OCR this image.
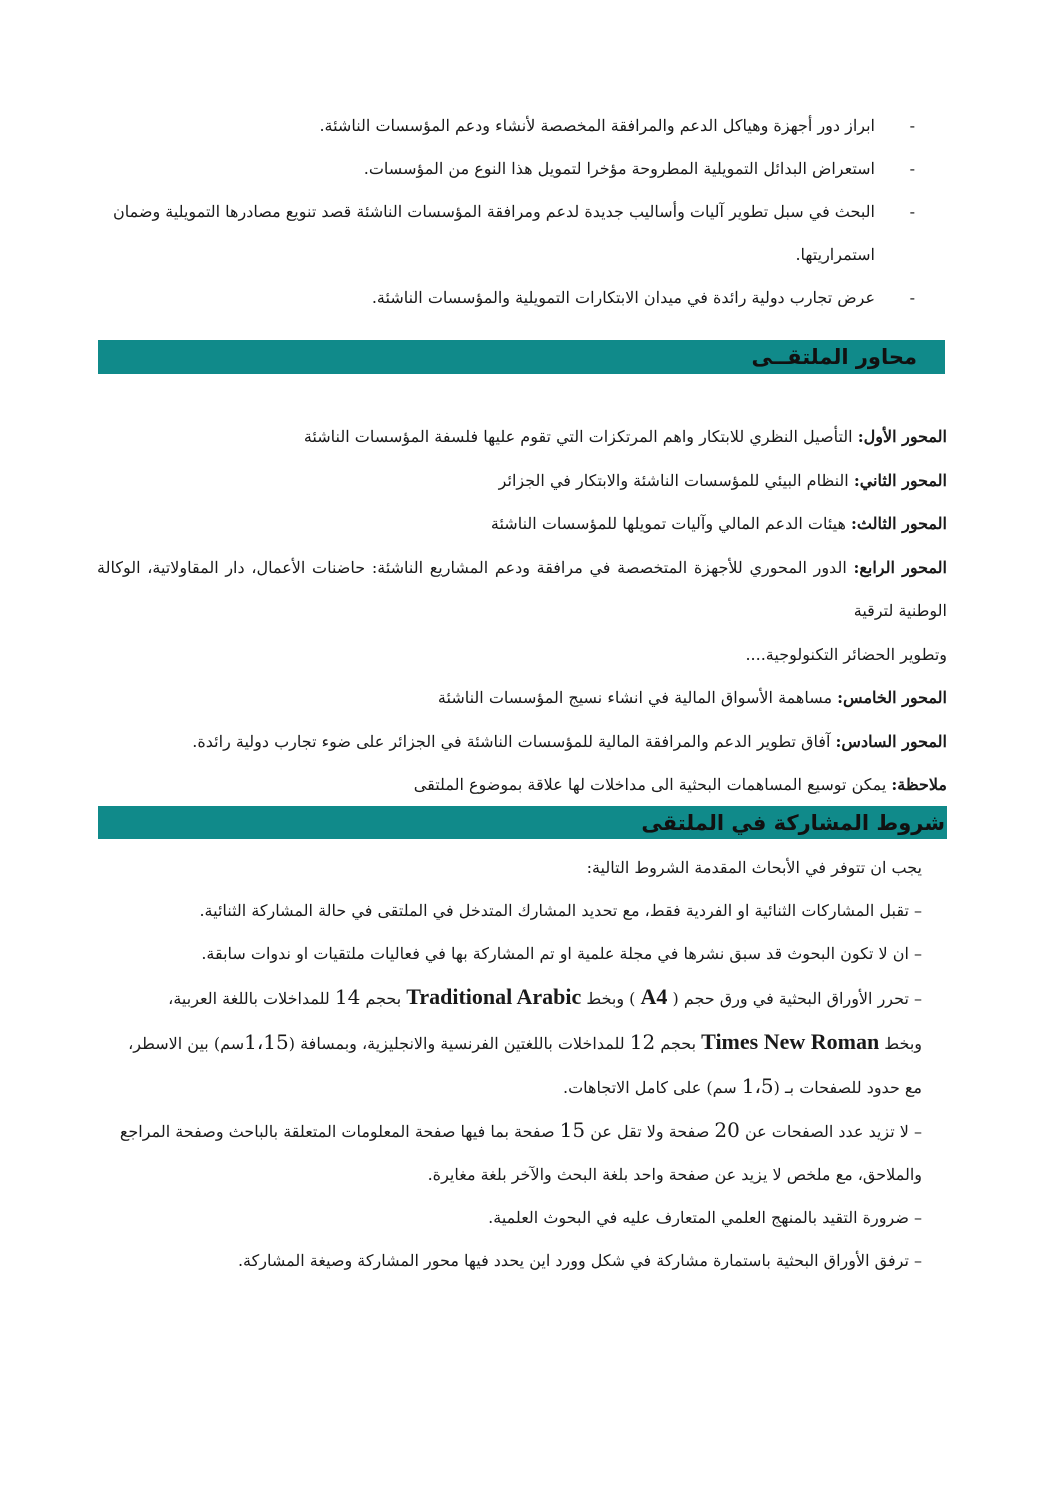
-
ابراز دور أجهزة وهياكل الدعم والمرافقة المخصصة لأنشاء ودعم المؤسسات الناشئة.
-
استعراض البدائل التمويلية المطروحة مؤخرا لتمويل هذا النوع من المؤسسات.
-
البحث في سبل تطوير آليات وأساليب جديدة لدعم ومرافقة المؤسسات الناشئة قصد تنويع مصادرها التمويلية وضمان
استمراريتها.
-
عرض تجارب دولية رائدة في ميدان الابتكارات التمويلية والمؤسسات الناشئة.
محاور الملتقــى
المحور الأول: التأصيل النظري للابتكار واهم المرتكزات التي تقوم عليها فلسفة المؤسسات الناشئة
المحور الثاني: النظام البيئي للمؤسسات الناشئة والابتكار في الجزائر
المحور الثالث: هيئات الدعم المالي وآليات تمويلها للمؤسسات الناشئة
المحور الرابع: الدور المحوري للأجهزة المتخصصة في مرافقة ودعم المشاريع الناشئة: حاضنات الأعمال، دار المقاولاتية، الوكالة الوطنية لترقية
وتطوير الحضائر التكنولوجية....
المحور الخامس: مساهمة الأسواق المالية في انشاء نسيج المؤسسات الناشئة
المحور السادس: آفاق تطوير الدعم والمرافقة المالية للمؤسسات الناشئة في الجزائر على ضوء تجارب دولية رائدة.
ملاحظة: يمكن توسيع المساهمات البحثية الى مداخلات لها علاقة بموضوع الملتقى
شروط المشاركة في الملتقى
يجب ان تتوفر في الأبحاث المقدمة الشروط التالية:
– تقبل المشاركات الثنائية او الفردية فقط، مع تحديد المشارك المتدخل في الملتقى في حالة المشاركة الثنائية.
– ان لا تكون البحوث قد سبق نشرها في مجلة علمية او تم المشاركة بها في فعاليات ملتقيات او ندوات سابقة.
– تحرر الأوراق البحثية في ورق حجم ( A4 ) وبخط Traditional Arabic بحجم 14 للمداخلات باللغة العربية،
وبخط Times New Roman بحجم 12 للمداخلات باللغتين الفرنسية والانجليزية، وبمسافة (1،15سم) بين الاسطر،
مع حدود للصفحات بـ (1،5 سم) على كامل الاتجاهات.
– لا تزيد عدد الصفحات عن 20 صفحة ولا تقل عن 15 صفحة بما فيها صفحة المعلومات المتعلقة بالباحث وصفحة المراجع
والملاحق، مع ملخص لا يزيد عن صفحة واحد بلغة البحث والآخر بلغة مغايرة.
– ضرورة التقيد بالمنهج العلمي المتعارف عليه في البحوث العلمية.
– ترفق الأوراق البحثية باستمارة مشاركة في شكل وورد اين يحدد فيها محور المشاركة وصيغة المشاركة.
